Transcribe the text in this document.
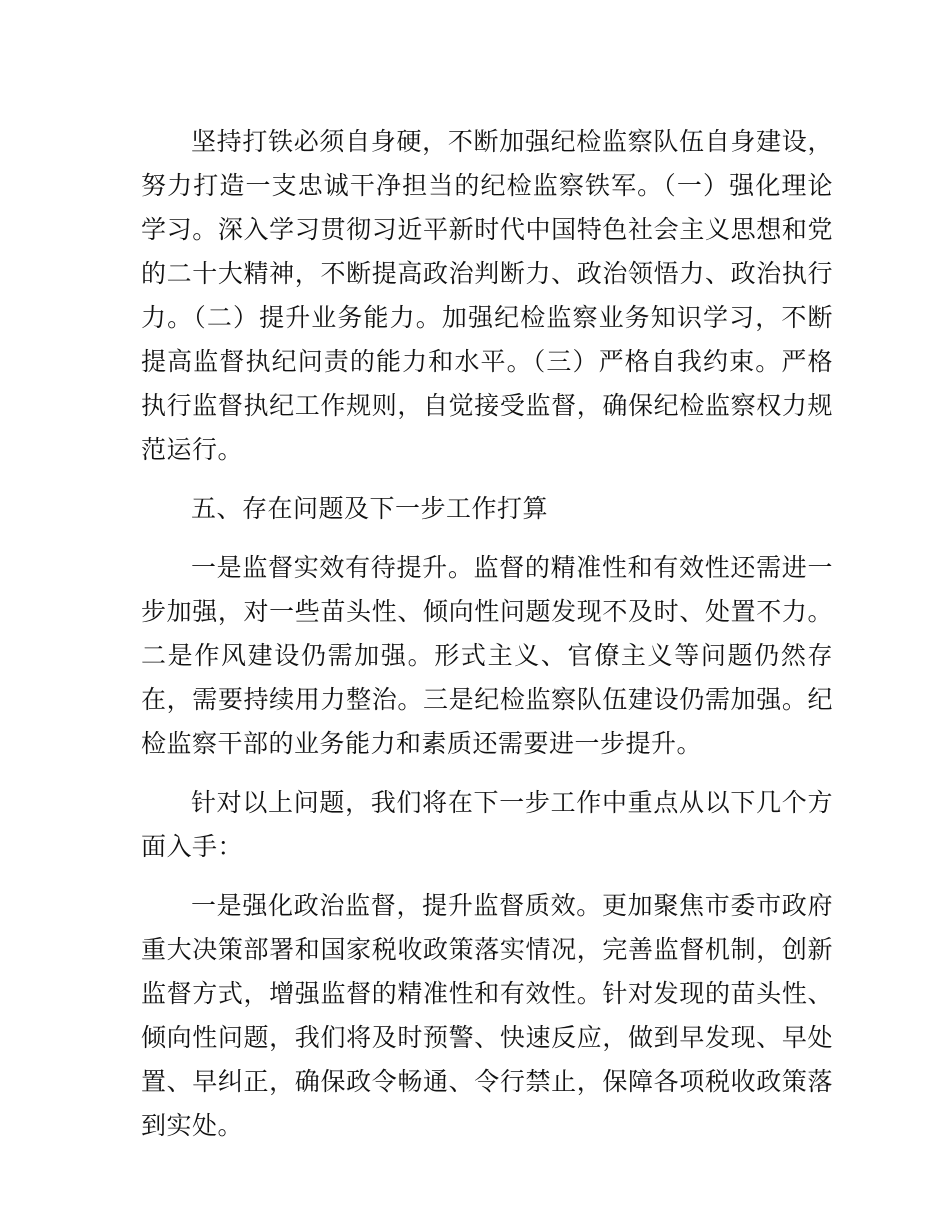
坚持打铁必须自身硬，不断加强纪检监察队伍自身建设，努力打造一支忠诚干净担当的纪检监察铁军。（一）强化理论学习。深入学习贯彻习近平新时代中国特色社会主义思想和党的二十大精神，不断提高政治判断力、政治领悟力、政治执行力。（二）提升业务能力。加强纪检监察业务知识学习，不断提高监督执纪问责的能力和水平。（三）严格自我约束。严格执行监督执纪工作规则，自觉接受监督，确保纪检监察权力规范运行。

五、存在问题及下一步工作打算

一是监督实效有待提升。监督的精准性和有效性还需进一步加强，对一些苗头性、倾向性问题发现不及时、处置不力。二是作风建设仍需加强。形式主义、官僚主义等问题仍然存在，需要持续用力整治。三是纪检监察队伍建设仍需加强。纪检监察干部的业务能力和素质还需要进一步提升。

针对以上问题，我们将在下一步工作中重点从以下几个方面入手：

一是强化政治监督，提升监督质效。更加聚焦市委市政府重大决策部署和国家税收政策落实情况，完善监督机制，创新监督方式，增强监督的精准性和有效性。针对发现的苗头性、倾向性问题，我们将及时预警、快速反应，做到早发现、早处置、早纠正，确保政令畅通、令行禁止，保障各项税收政策落到实处。
